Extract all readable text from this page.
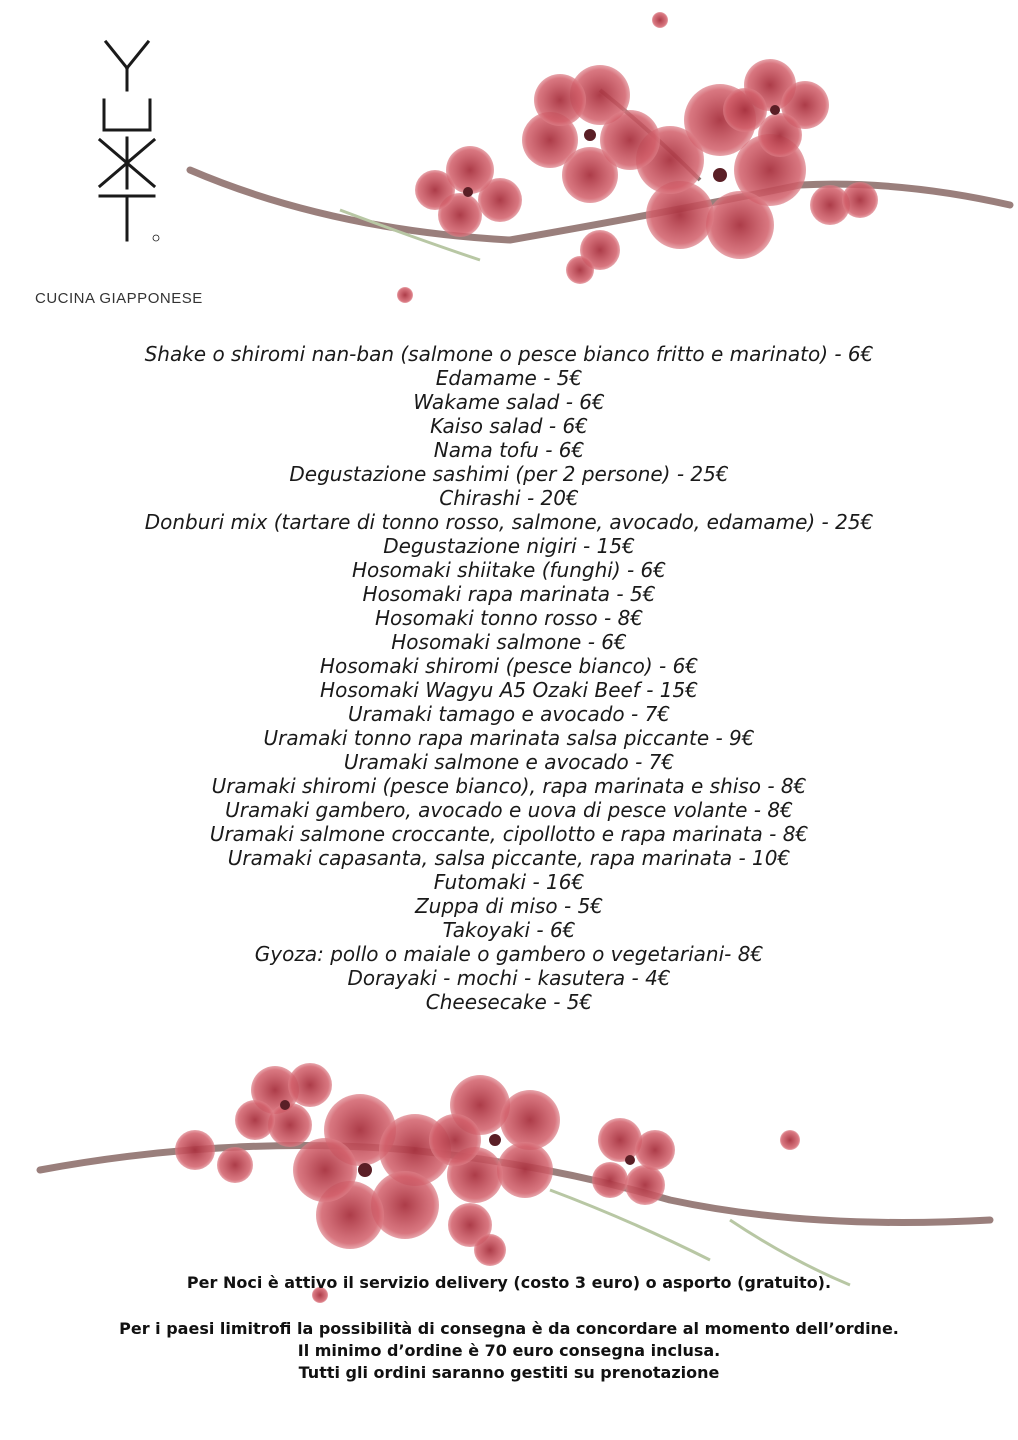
CUCINA GIAPPONESE
Shake o shiromi nan-ban (salmone o pesce bianco fritto e marinato) - 6€
Edamame - 5€
Wakame salad - 6€
Kaiso salad - 6€
Nama tofu - 6€
Degustazione sashimi (per 2 persone) - 25€
Chirashi - 20€
Donburi mix (tartare di tonno rosso, salmone, avocado, edamame) - 25€
Degustazione nigiri - 15€
Hosomaki shiitake (funghi) - 6€
Hosomaki rapa marinata - 5€
Hosomaki tonno rosso - 8€
Hosomaki salmone - 6€
Hosomaki shiromi (pesce bianco) - 6€
Hosomaki Wagyu A5 Ozaki Beef - 15€
Uramaki tamago e avocado - 7€
Uramaki tonno rapa marinata salsa piccante - 9€
Uramaki salmone e avocado - 7€
Uramaki shiromi (pesce bianco), rapa marinata e shiso - 8€
Uramaki gambero, avocado e uova di pesce volante - 8€
Uramaki salmone croccante, cipollotto e rapa marinata - 8€
Uramaki capasanta, salsa piccante, rapa marinata - 10€
Futomaki - 16€
Zuppa di miso - 5€
Takoyaki - 6€
Gyoza: pollo o maiale o gambero o vegetariani- 8€
Dorayaki - mochi - kasutera - 4€
Cheesecake - 5€
Per Noci è attivo il servizio delivery (costo 3 euro) o asporto (gratuito).
Per i paesi limitrofi la possibilità di consegna è da concordare al momento dell’ordine.
Il minimo d’ordine è 70 euro consegna inclusa.
Tutti gli ordini saranno gestiti su prenotazione
